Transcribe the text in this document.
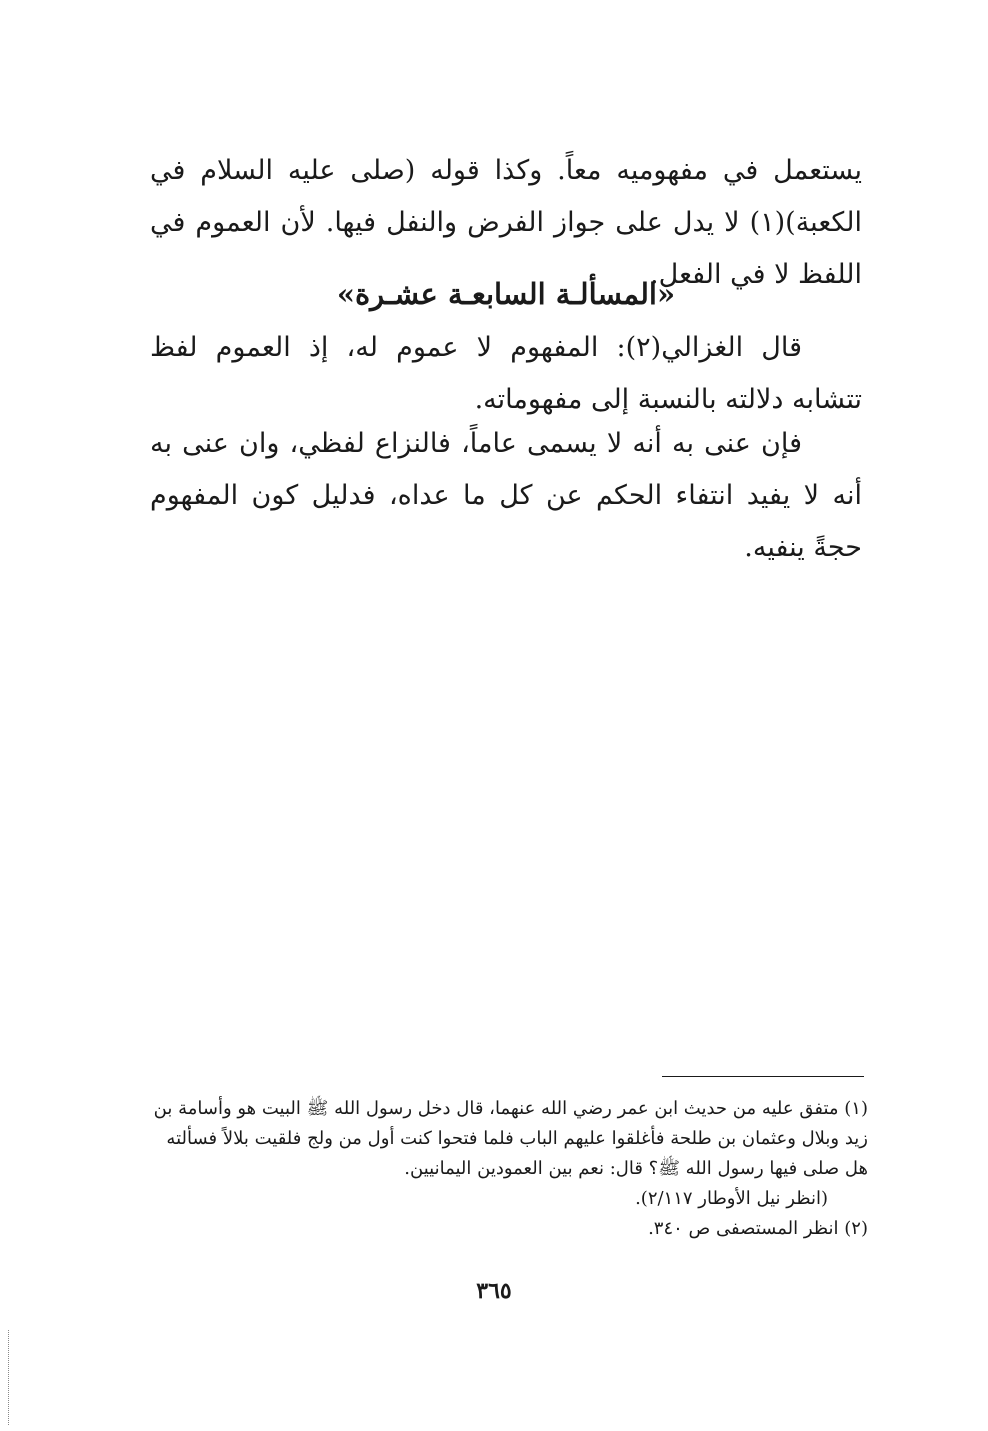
يستعمل في مفهوميه معاً. وكذا قوله (صلى عليه السلام في الكعبة)(١) لا يدل على جواز الفرض والنفل فيها. لأن العموم في اللفظ لا في الفعل.

«المسألـة السابعـة عشـرة»

قال الغزالي(٢): المفهوم لا عموم له، إذ العموم لفظ تتشابه دلالته بالنسبة إلى مفهوماته.

فإن عنى به أنه لا يسمى عاماً، فالنزاع لفظي، وان عنى به أنه لا يفيد انتفاء الحكم عن كل ما عداه، فدليل كون المفهوم حجةً ينفيه.

(١) متفق عليه من حديث ابن عمر رضي الله عنهما، قال دخل رسول الله ﷺ البيت هو وأسامة بن زيد وبلال وعثمان بن طلحة فأغلقوا عليهم الباب فلما فتحوا كنت أول من ولج فلقيت بلالاً فسألته هل صلى فيها رسول الله ﷺ؟ قال: نعم بين العمودين اليمانيين.

(انظر نيل الأوطار ٢/١١٧).

(٢) انظر المستصفى ص ٣٤٠.

٣٦٥
